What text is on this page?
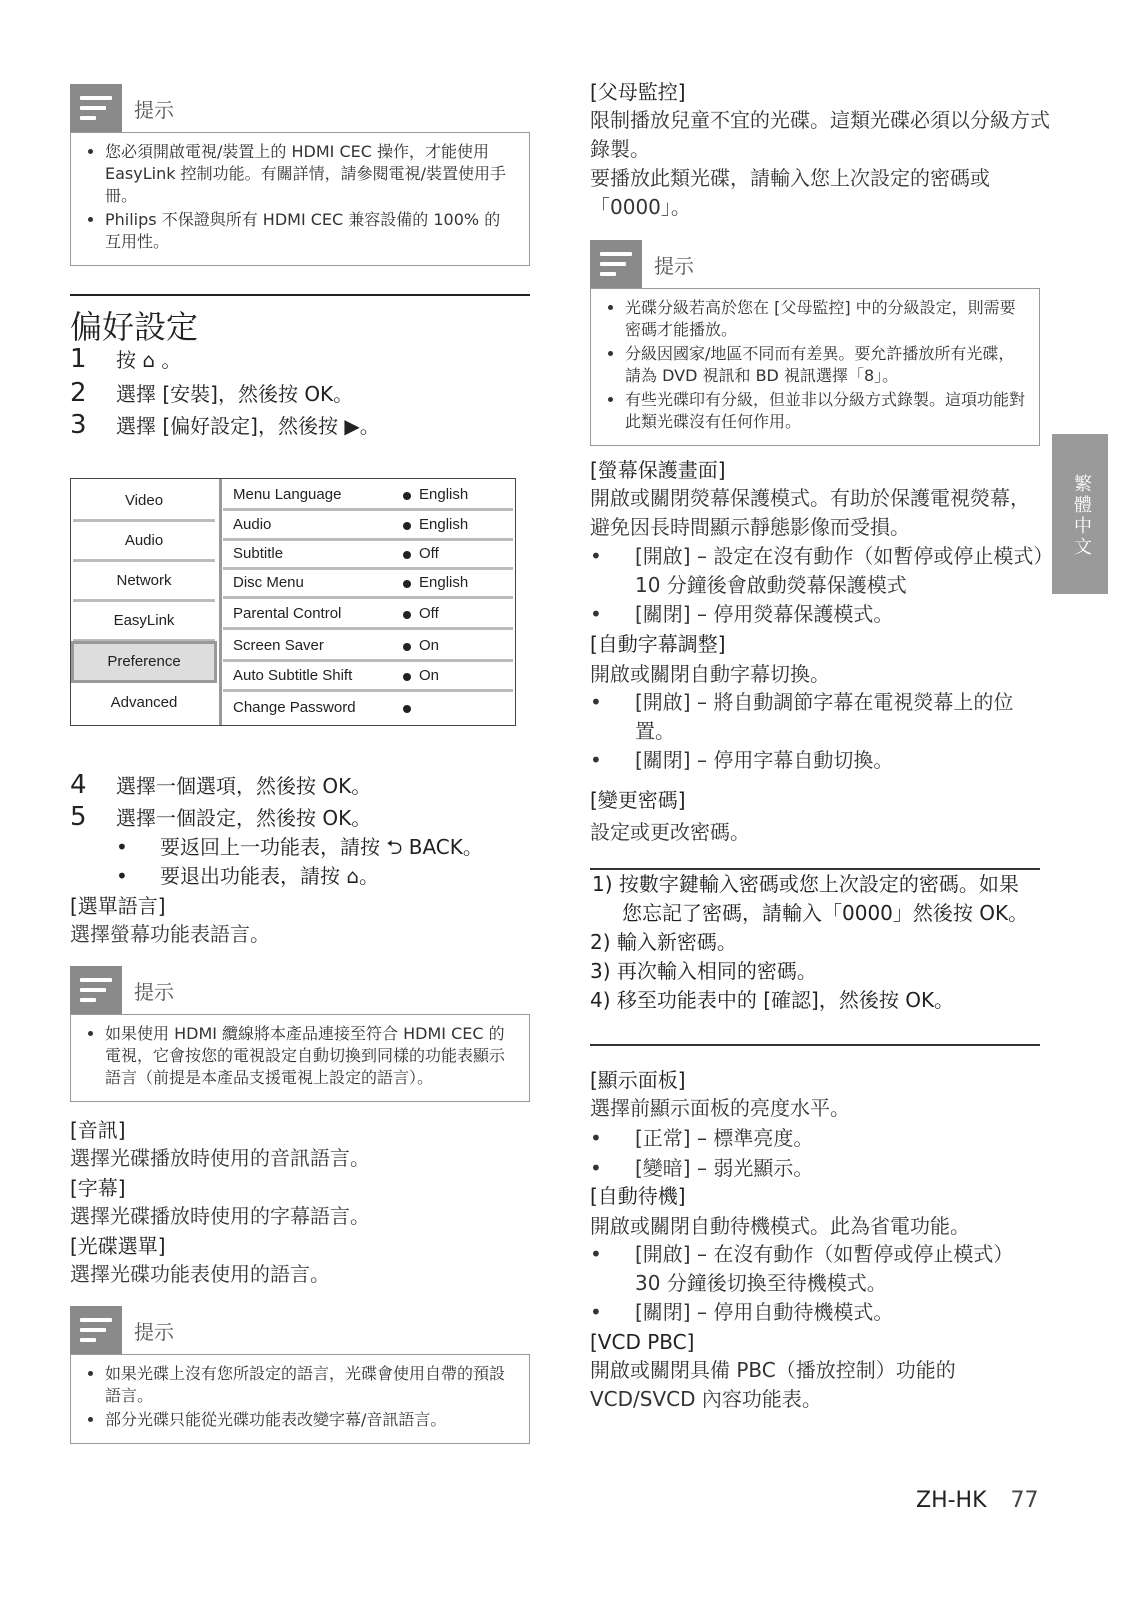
提示
• 您必須開啟電視/裝置上的 HDMI CEC 操作，才能使用 EasyLink 控制功能。有關詳情，請參閱電視/裝置使用手冊。
• Philips 不保證與所有 HDMI CEC 兼容設備的 100% 的互用性。
偏好設定
1 按 ⌂ 。
2 選擇 [安裝]，然後按 OK。
3 選擇 [偏好設定]，然後按 ▶。
Video
Audio
Network
EasyLink
Preference
Advanced
Menu Language	English
Audio	English
Subtitle	Off
Disc Menu	English
Parental Control	Off
Screen Saver	On
Auto Subtitle Shift	On
Change Password
4 選擇一個選項，然後按 OK。
5 選擇一個設定，然後按 OK。
• 要返回上一功能表，請按 ⮌ BACK。
• 要退出功能表，請按 ⌂。
[選單語言]
選擇螢幕功能表語言。
提示
• 如果使用 HDMI 纜線將本產品連接至符合 HDMI CEC 的電視，它會按您的電視設定自動切換到同樣的功能表顯示語言（前提是本產品支援電視上設定的語言）。
[音訊]
選擇光碟播放時使用的音訊語言。
[字幕]
選擇光碟播放時使用的字幕語言。
[光碟選單]
選擇光碟功能表使用的語言。
提示
• 如果光碟上沒有您所設定的語言，光碟會使用自帶的預設語言。
• 部分光碟只能從光碟功能表改變字幕/音訊語言。
[父母監控]
限制播放兒童不宜的光碟。這類光碟必須以分級方式錄製。
要播放此類光碟，請輸入您上次設定的密碼或「0000」。
提示
• 光碟分級若高於您在 [父母監控] 中的分級設定，則需要密碼才能播放。
• 分級因國家/地區不同而有差異。要允許播放所有光碟，請為 DVD 視訊和 BD 視訊選擇「8」。
• 有些光碟印有分級，但並非以分級方式錄製。這項功能對此類光碟沒有任何作用。
[螢幕保護畫面]
開啟或關閉熒幕保護模式。有助於保護電視熒幕，避免因長時間顯示靜態影像而受損。
• [開啟] – 設定在沒有動作（如暫停或停止模式）10 分鐘後會啟動熒幕保護模式
• [關閉] – 停用熒幕保護模式。
[自動字幕調整]
開啟或關閉自動字幕切換。
• [開啟] – 將自動調節字幕在電視熒幕上的位置。
• [關閉] – 停用字幕自動切換。
[變更密碼]
設定或更改密碼。
1) 按數字鍵輸入密碼或您上次設定的密碼。如果您忘記了密碼，請輸入「0000」然後按 OK。
2) 輸入新密碼。
3) 再次輸入相同的密碼。
4) 移至功能表中的 [確認]，然後按 OK。
[顯示面板]
選擇前顯示面板的亮度水平。
• [正常] – 標準亮度。
• [變暗] – 弱光顯示。
[自動待機]
開啟或關閉自動待機模式。此為省電功能。
• [開啟] – 在沒有動作（如暫停或停止模式）30 分鐘後切換至待機模式。
• [關閉] – 停用自動待機模式。
[VCD PBC]
開啟或關閉具備 PBC（播放控制）功能的 VCD/SVCD 內容功能表。
繁體中文
ZH-HK 77
